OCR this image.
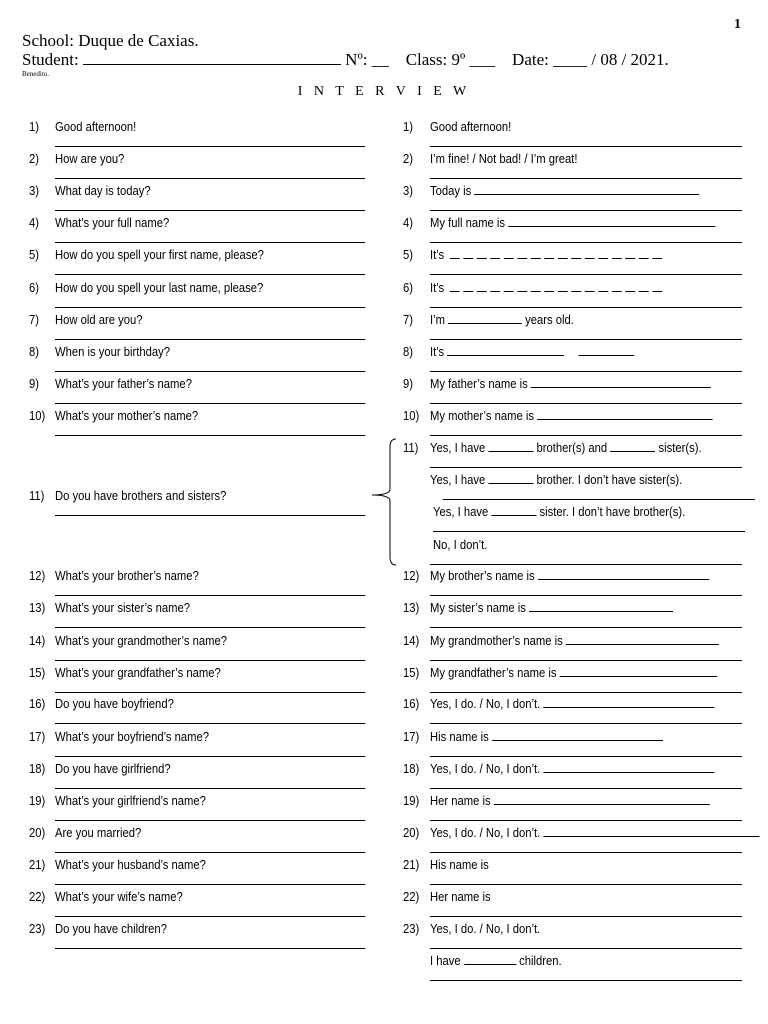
1
School: Duque de Caxias.
Student:	Nº: __ Class: 9º ___ Date: ____ / 08 / 2021.
Benedito.
I N T E R V I E W
1) Good afternoon!
2) How are you?
3) What day is today?
4) What’s your full name?
5) How do you spell your first name, please?
6) How do you spell your last name, please?
7) How old are you?
8) When is your birthday?
9) What’s your father’s name?
10) What’s your mother’s name?
11) Do you have brothers and sisters?
12) What’s your brother’s name?
13) What’s your sister’s name?
14) What’s your grandmother’s name?
15) What’s your grandfather’s name?
16) Do you have boyfriend?
17) What’s your boyfriend’s name?
18) Do you have girlfriend?
19) What’s your girlfriend’s name?
20) Are you married?
21) What’s your husband’s name?
22) What’s your wife’s name?
23) Do you have children?
1) Good afternoon!
2) I’m fine! / Not bad! / I’m great!
3) Today is
4) My full name is
5) It’s
6) It’s
7) I’m	years old.
8) It’s
9) My father’s name is
10) My mother’s name is
11) Yes, I have	brother(s) and	sister(s).
Yes, I have	brother. I don’t have sister(s).
Yes, I have	sister. I don’t have brother(s).
No, I don’t.
12) My brother’s name is
13) My sister’s name is
14) My grandmother’s name is
15) My grandfather’s name is
16) Yes, I do. / No, I don’t.
17) His name is
18) Yes, I do. / No, I don’t.
19) Her name is
20) Yes, I do. / No, I don’t.
21) His name is
22) Her name is
23) Yes, I do. / No, I don’t.
I have	children.
